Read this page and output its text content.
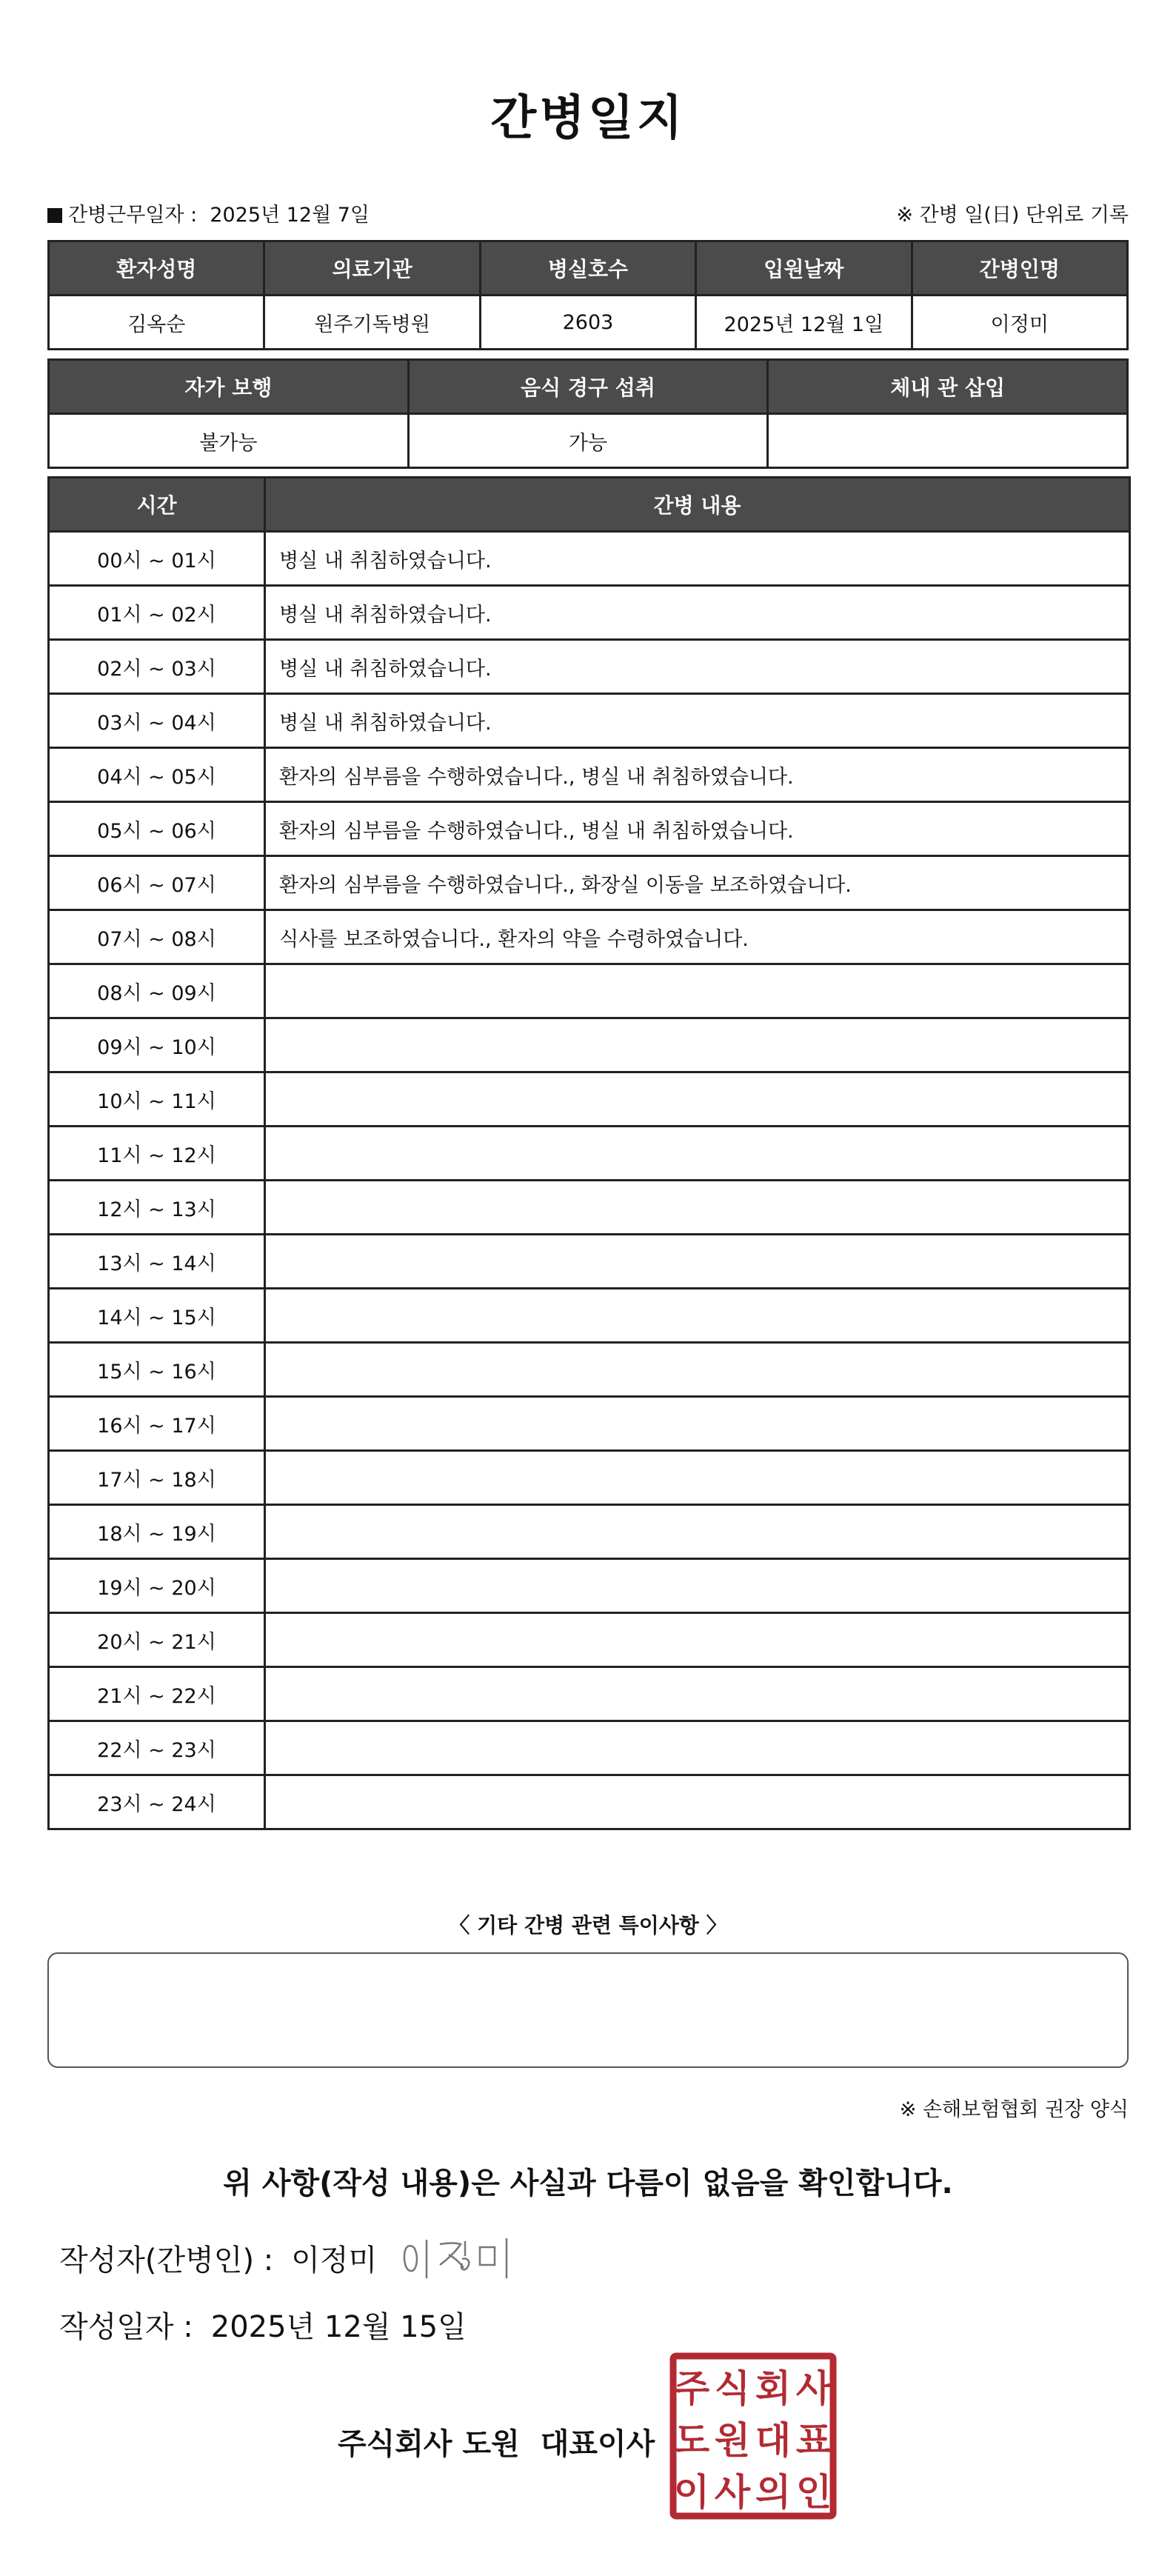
간병일지
간병근무일자 : 2025년 12월 7일	※ 간병 일(日) 단위로 기록
환자성명	의료기관	병실호수	입원날짜	간병인명
김옥순	원주기독병원	2603	2025년 12월 1일	이정미
자가 보행	음식 경구 섭취	체내 관 삽입
불가능	가능	
시간	간병 내용
00시 ~ 01시	병실 내 취침하였습니다.
01시 ~ 02시	병실 내 취침하였습니다.
02시 ~ 03시	병실 내 취침하였습니다.
03시 ~ 04시	병실 내 취침하였습니다.
04시 ~ 05시	환자의 심부름을 수행하였습니다., 병실 내 취침하였습니다.
05시 ~ 06시	환자의 심부름을 수행하였습니다., 병실 내 취침하였습니다.
06시 ~ 07시	환자의 심부름을 수행하였습니다., 화장실 이동을 보조하였습니다.
07시 ~ 08시	식사를 보조하였습니다., 환자의 약을 수령하였습니다.
08시 ~ 09시	
09시 ~ 10시	
10시 ~ 11시	
11시 ~ 12시	
12시 ~ 13시	
13시 ~ 14시	
14시 ~ 15시	
15시 ~ 16시	
16시 ~ 17시	
17시 ~ 18시	
18시 ~ 19시	
19시 ~ 20시	
20시 ~ 21시	
21시 ~ 22시	
22시 ~ 23시	
23시 ~ 24시	
〈 기타 간병 관련 특이사항 〉
※ 손해보험협회 권장 양식
위 사항(작성 내용)은 사실과 다름이 없음을 확인합니다.
작성자(간병인) : 이정미
작성일자 : 2025년 12월 15일
주식회사 도원 대표이사
주 식 회 사
도 원 대 표
이 사 의 인
